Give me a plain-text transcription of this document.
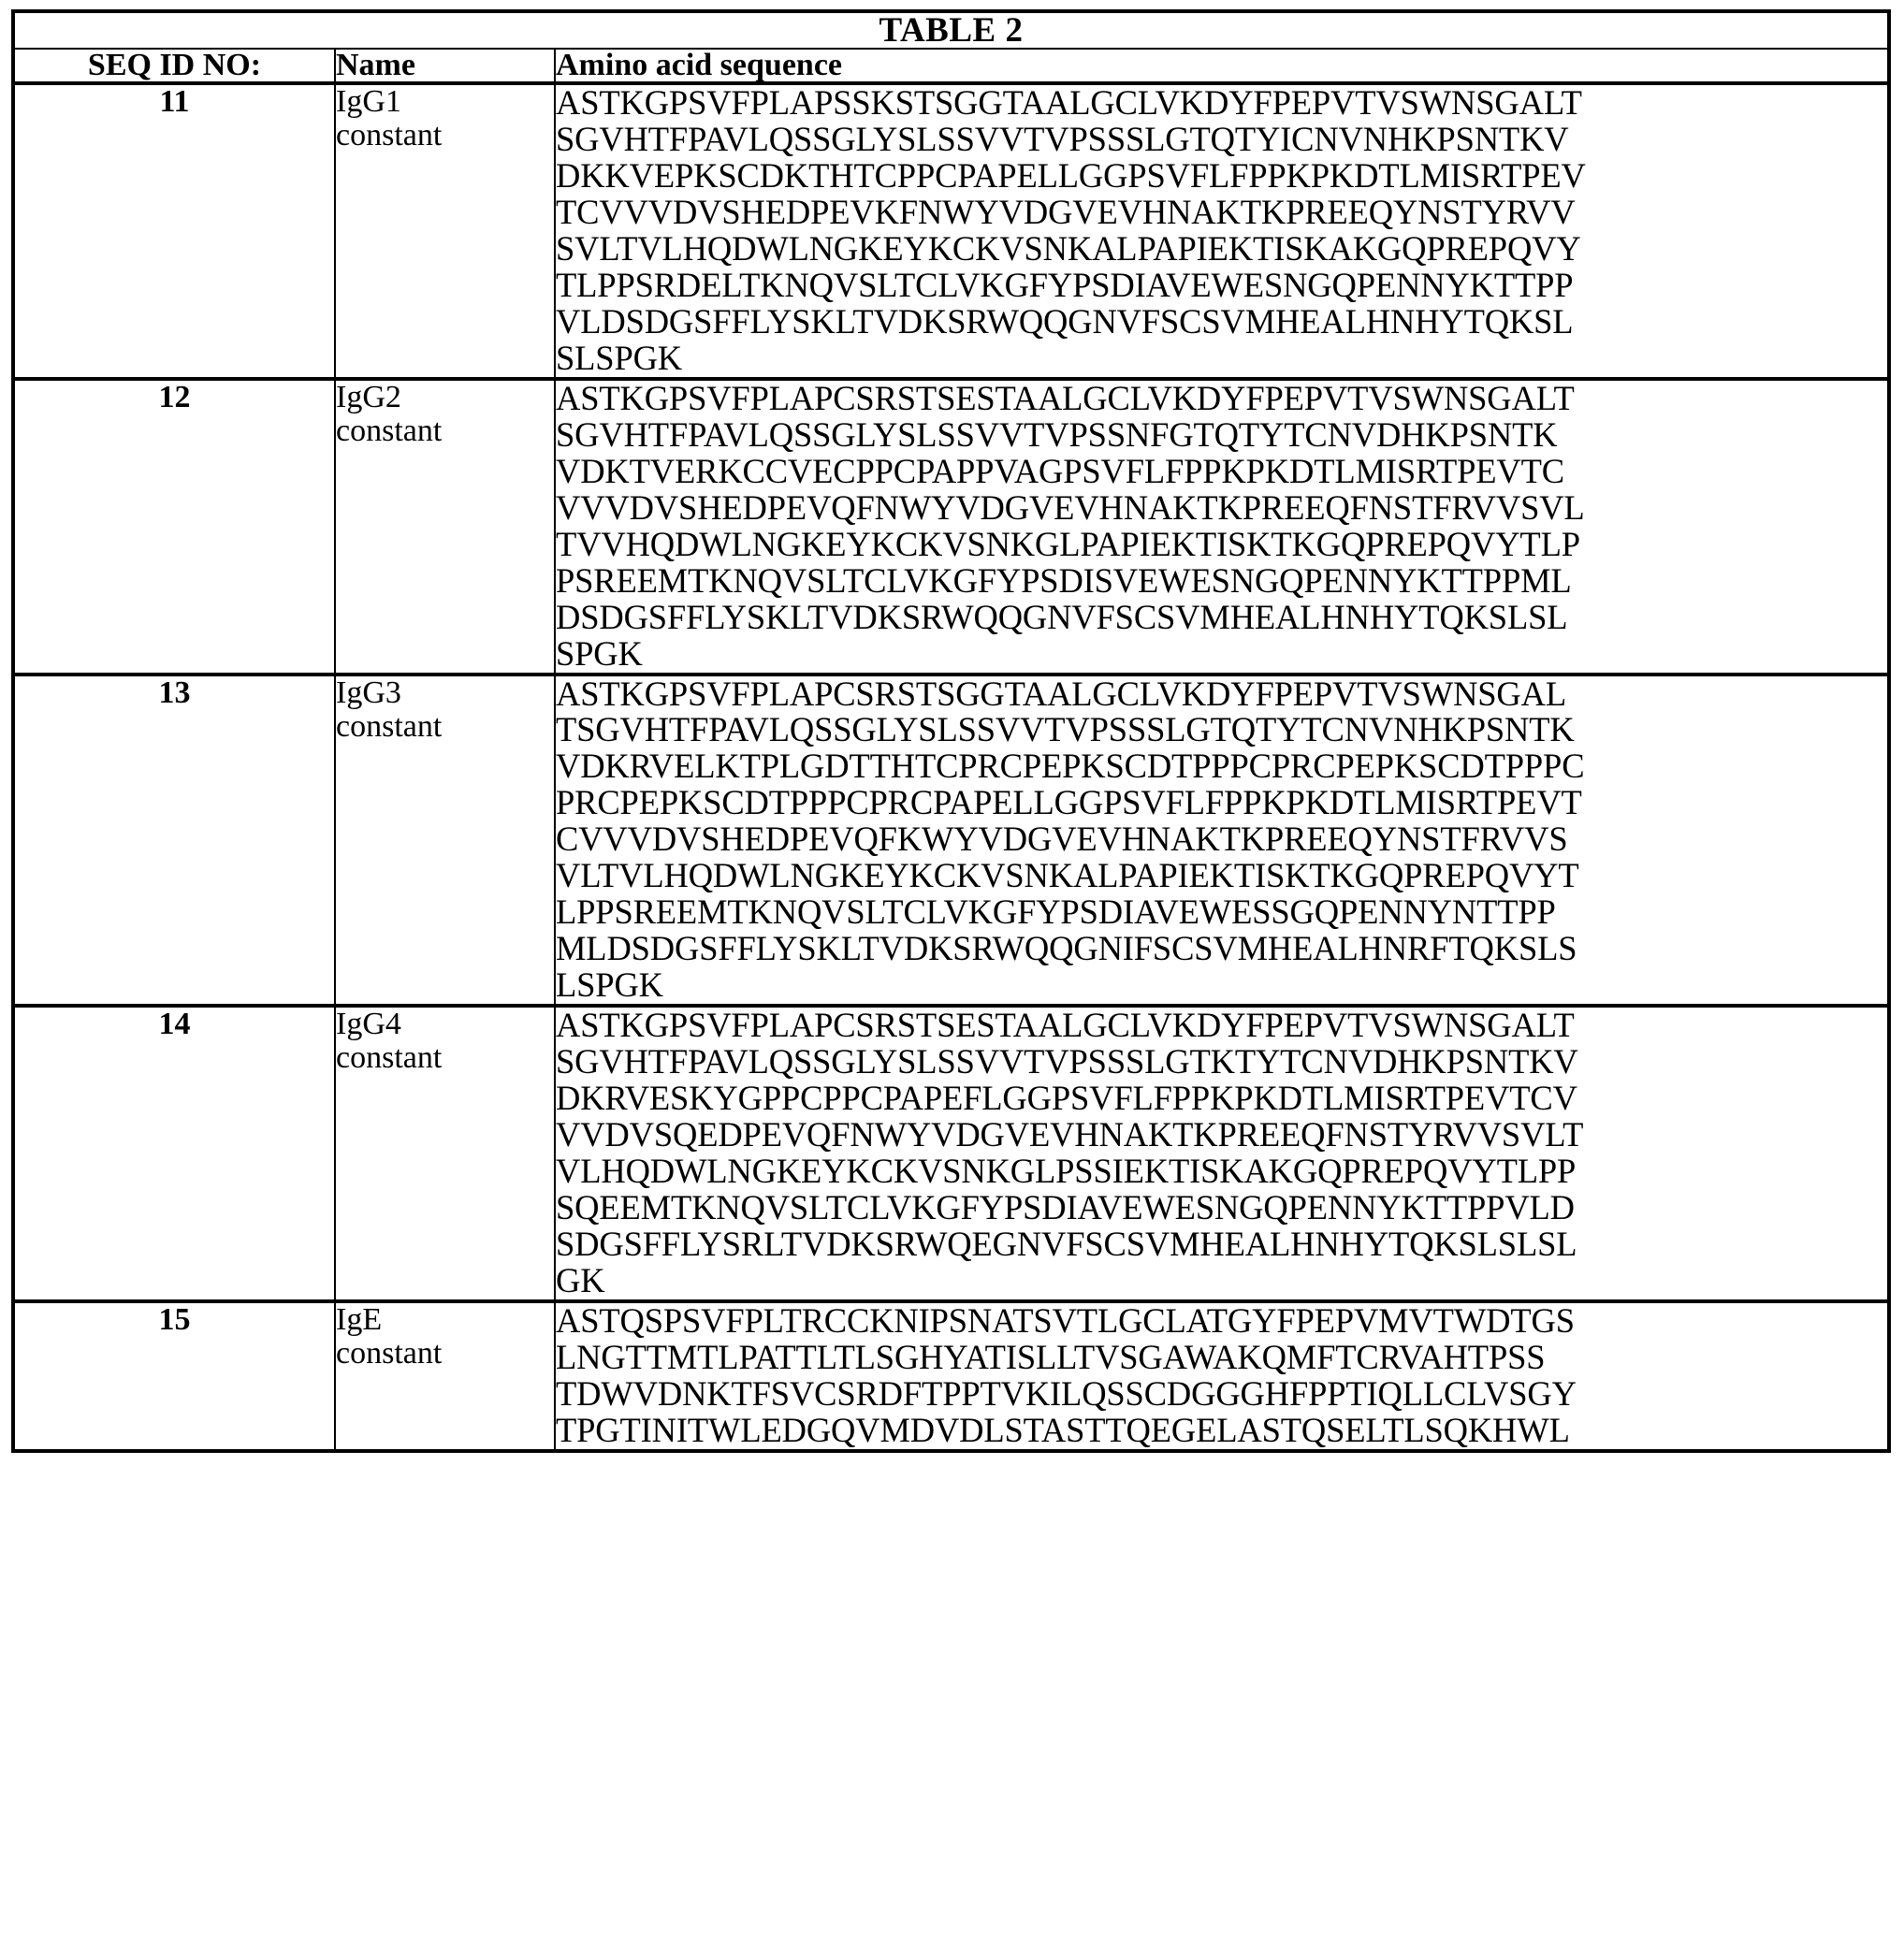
TABLE 2		
SEQ ID NO:	Name	Amino acid sequence
11	IgG1
constant

ASTKGPSVFPLAPSSKSTSGGTAALGCLVKDYFPEPVTVSWNSGALT
SGVHTFPAVLQSSGLYSLSSVVTVPSSSLGTQTYICNVNHKPSNTKV
DKKVEPKSCDKTHTCPPCPAPELLGGPSVFLFPPKPKDTLMISRTPEV
TCVVVDVSHEDPEVKFNWYVDGVEVHNAKTKPREEQYNSTYRVV
SVLTVLHQDWLNGKEYKCKVSNKALPAPIEKTISKAKGQPREPQVY
TLPPSRDELTKNQVSLTCLVKGFYPSDIAVEWESNGQPENNYKTTPP
VLDSDGSFFLYSKLTVDKSRWQQGNVFSCSVMHEALHNHYTQKSL
SLSPGK

12	IgG2
constant

ASTKGPSVFPLAPCSRSTSESTAALGCLVKDYFPEPVTVSWNSGALT
SGVHTFPAVLQSSGLYSLSSVVTVPSSNFGTQTYTCNVDHKPSNTK
VDKTVERKCCVECPPCPAPPVAGPSVFLFPPKPKDTLMISRTPEVTC
VVVDVSHEDPEVQFNWYVDGVEVHNAKTKPREEQFNSTFRVVSVL
TVVHQDWLNGKEYKCKVSNKGLPAPIEKTISKTKGQPREPQVYTLP
PSREEMTKNQVSLTCLVKGFYPSDISVEWESNGQPENNYKTTPPML
DSDGSFFLYSKLTVDKSRWQQGNVFSCSVMHEALHNHYTQKSLSL
SPGK

13	IgG3
constant

ASTKGPSVFPLAPCSRSTSGGTAALGCLVKDYFPEPVTVSWNSGAL
TSGVHTFPAVLQSSGLYSLSSVVTVPSSSLGTQTYTCNVNHKPSNTK
VDKRVELKTPLGDTTHTCPRCPEPKSCDTPPPCPRCPEPKSCDTPPPC
PRCPEPKSCDTPPPCPRCPAPELLGGPSVFLFPPKPKDTLMISRTPEVT
CVVVDVSHEDPEVQFKWYVDGVEVHNAKTKPREEQYNSTFRVVS
VLTVLHQDWLNGKEYKCKVSNKALPAPIEKTISKTKGQPREPQVYT
LPPSREEMTKNQVSLTCLVKGFYPSDIAVEWESSGQPENNYNTTPP
MLDSDGSFFLYSKLTVDKSRWQQGNIFSCSVMHEALHNRFTQKSLS
LSPGK

14	IgG4
constant

ASTKGPSVFPLAPCSRSTSESTAALGCLVKDYFPEPVTVSWNSGALT
SGVHTFPAVLQSSGLYSLSSVVTVPSSSLGTKTYTCNVDHKPSNTKV
DKRVESKYGPPCPPCPAPEFLGGPSVFLFPPKPKDTLMISRTPEVTCV
VVDVSQEDPEVQFNWYVDGVEVHNAKTKPREEQFNSTYRVVSVLT
VLHQDWLNGKEYKCKVSNKGLPSSIEKTISKAKGQPREPQVYTLPP
SQEEMTKNQVSLTCLVKGFYPSDIAVEWESNGQPENNYKTTPPVLD
SDGSFFLYSRLTVDKSRWQEGNVFSCSVMHEALHNHYTQKSLSLSL
GK

15	IgE
constant	ASTQSPSVFPLTRCCKNIPSNATSVTLGCLATGYFPEPVMVTWDTGS
LNGTTMTLPATTLTLSGHYATISLLTVSGAWAKQMFTCRVAHTPSS
TDWVDNKTFSVCSRDFTPPTVKILQSSCDGGGHFPPTIQLLCLVSGY
TPGTINITWLEDGQVMDVDLSTASTTQEGELASTQSELTLSQKHWL
